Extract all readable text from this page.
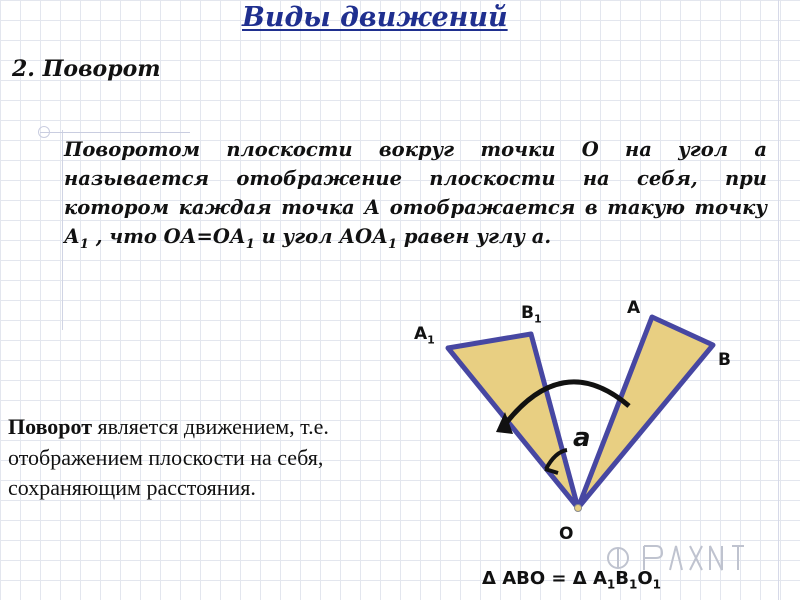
Виды движений
2. Поворот
Поворотом плоскости вокруг точки О на угол а называется отображение плоскости на себя, при котором каждая точка А отображается в такую точку $А_1$ , что $ОА=ОА_1$ и угол $АОА_1$ равен углу а.
Поворот является движением, т.е. отображением плоскости на себя, сохраняющим расстояния.
$A_1$
$B_1$
A
B
O
a
Δ ABO = Δ $A_1B_1O_1$
